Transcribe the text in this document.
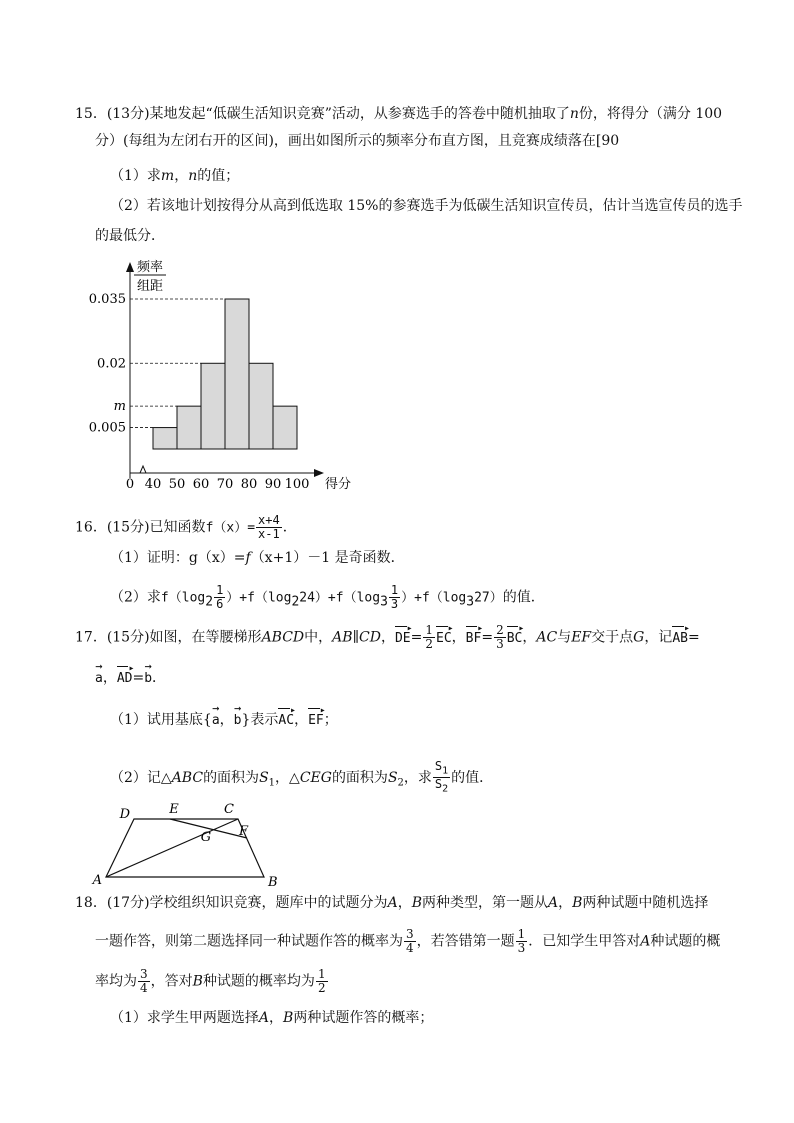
15．(13分)某地发起“低碳生活知识竞赛”活动，从参赛选手的答卷中随机抽取了n份，将得分（满分 100
分）(每组为左闭右开的区间)，画出如图所示的频率分布直方图，且竞赛成绩落在[90
（1）求m，n的值；
（2）若该地计划按得分从高到低选取 15%的参赛选手为低碳生活知识宣传员，估计当选宣传员的选手
的最低分．
频率
组距
得分
0.005
m
0.02
0.035
0 40 50 60 70 80 90 100
16．(15分)已知函数$f(x)= \frac{x+4}{x-1}$ ．
（1）证明：g（x）=f（x+1）－1 是奇函数．
（2）求$f(\log_2 \frac{1}{6} )+f(\log_224)+f(\log_3 \frac{1}{3} )+f(\log_327)$的值．
17．(15分)如图，在等腰梯形ABCD中，AB∥CD，DE ▸= $\frac{1}{2}$ EC ▸，BF ▸= $\frac{2}{3}$ BC ▸，AC与EF交于点G，记AB ▸=
→ a，AD ▸=→ b．
（1）试用基底{→ a，→ b}表示AC ▸，EF ▸；
（2）记△ABC的面积为$S_1$，△CEG的面积为$S_2$，求 $\frac{S_1}{S_2}$ 的值．
D	E	C
G F
A	B
18．(17分)学校组织知识竞赛，题库中的试题分为A，B两种类型，第一题从A，B两种试题中随机选择
一题作答，则第二题选择同一种试题作答的概率为 $\frac{3}{4}$ ，若答错第一题 $\frac{1}{3}$ ．已知学生甲答对A种试题的概
率均为 $\frac{3}{4}$ ，答对B种试题的概率均为 $\frac{1}{2}$
（1）求学生甲两题选择A，B两种试题作答的概率；
